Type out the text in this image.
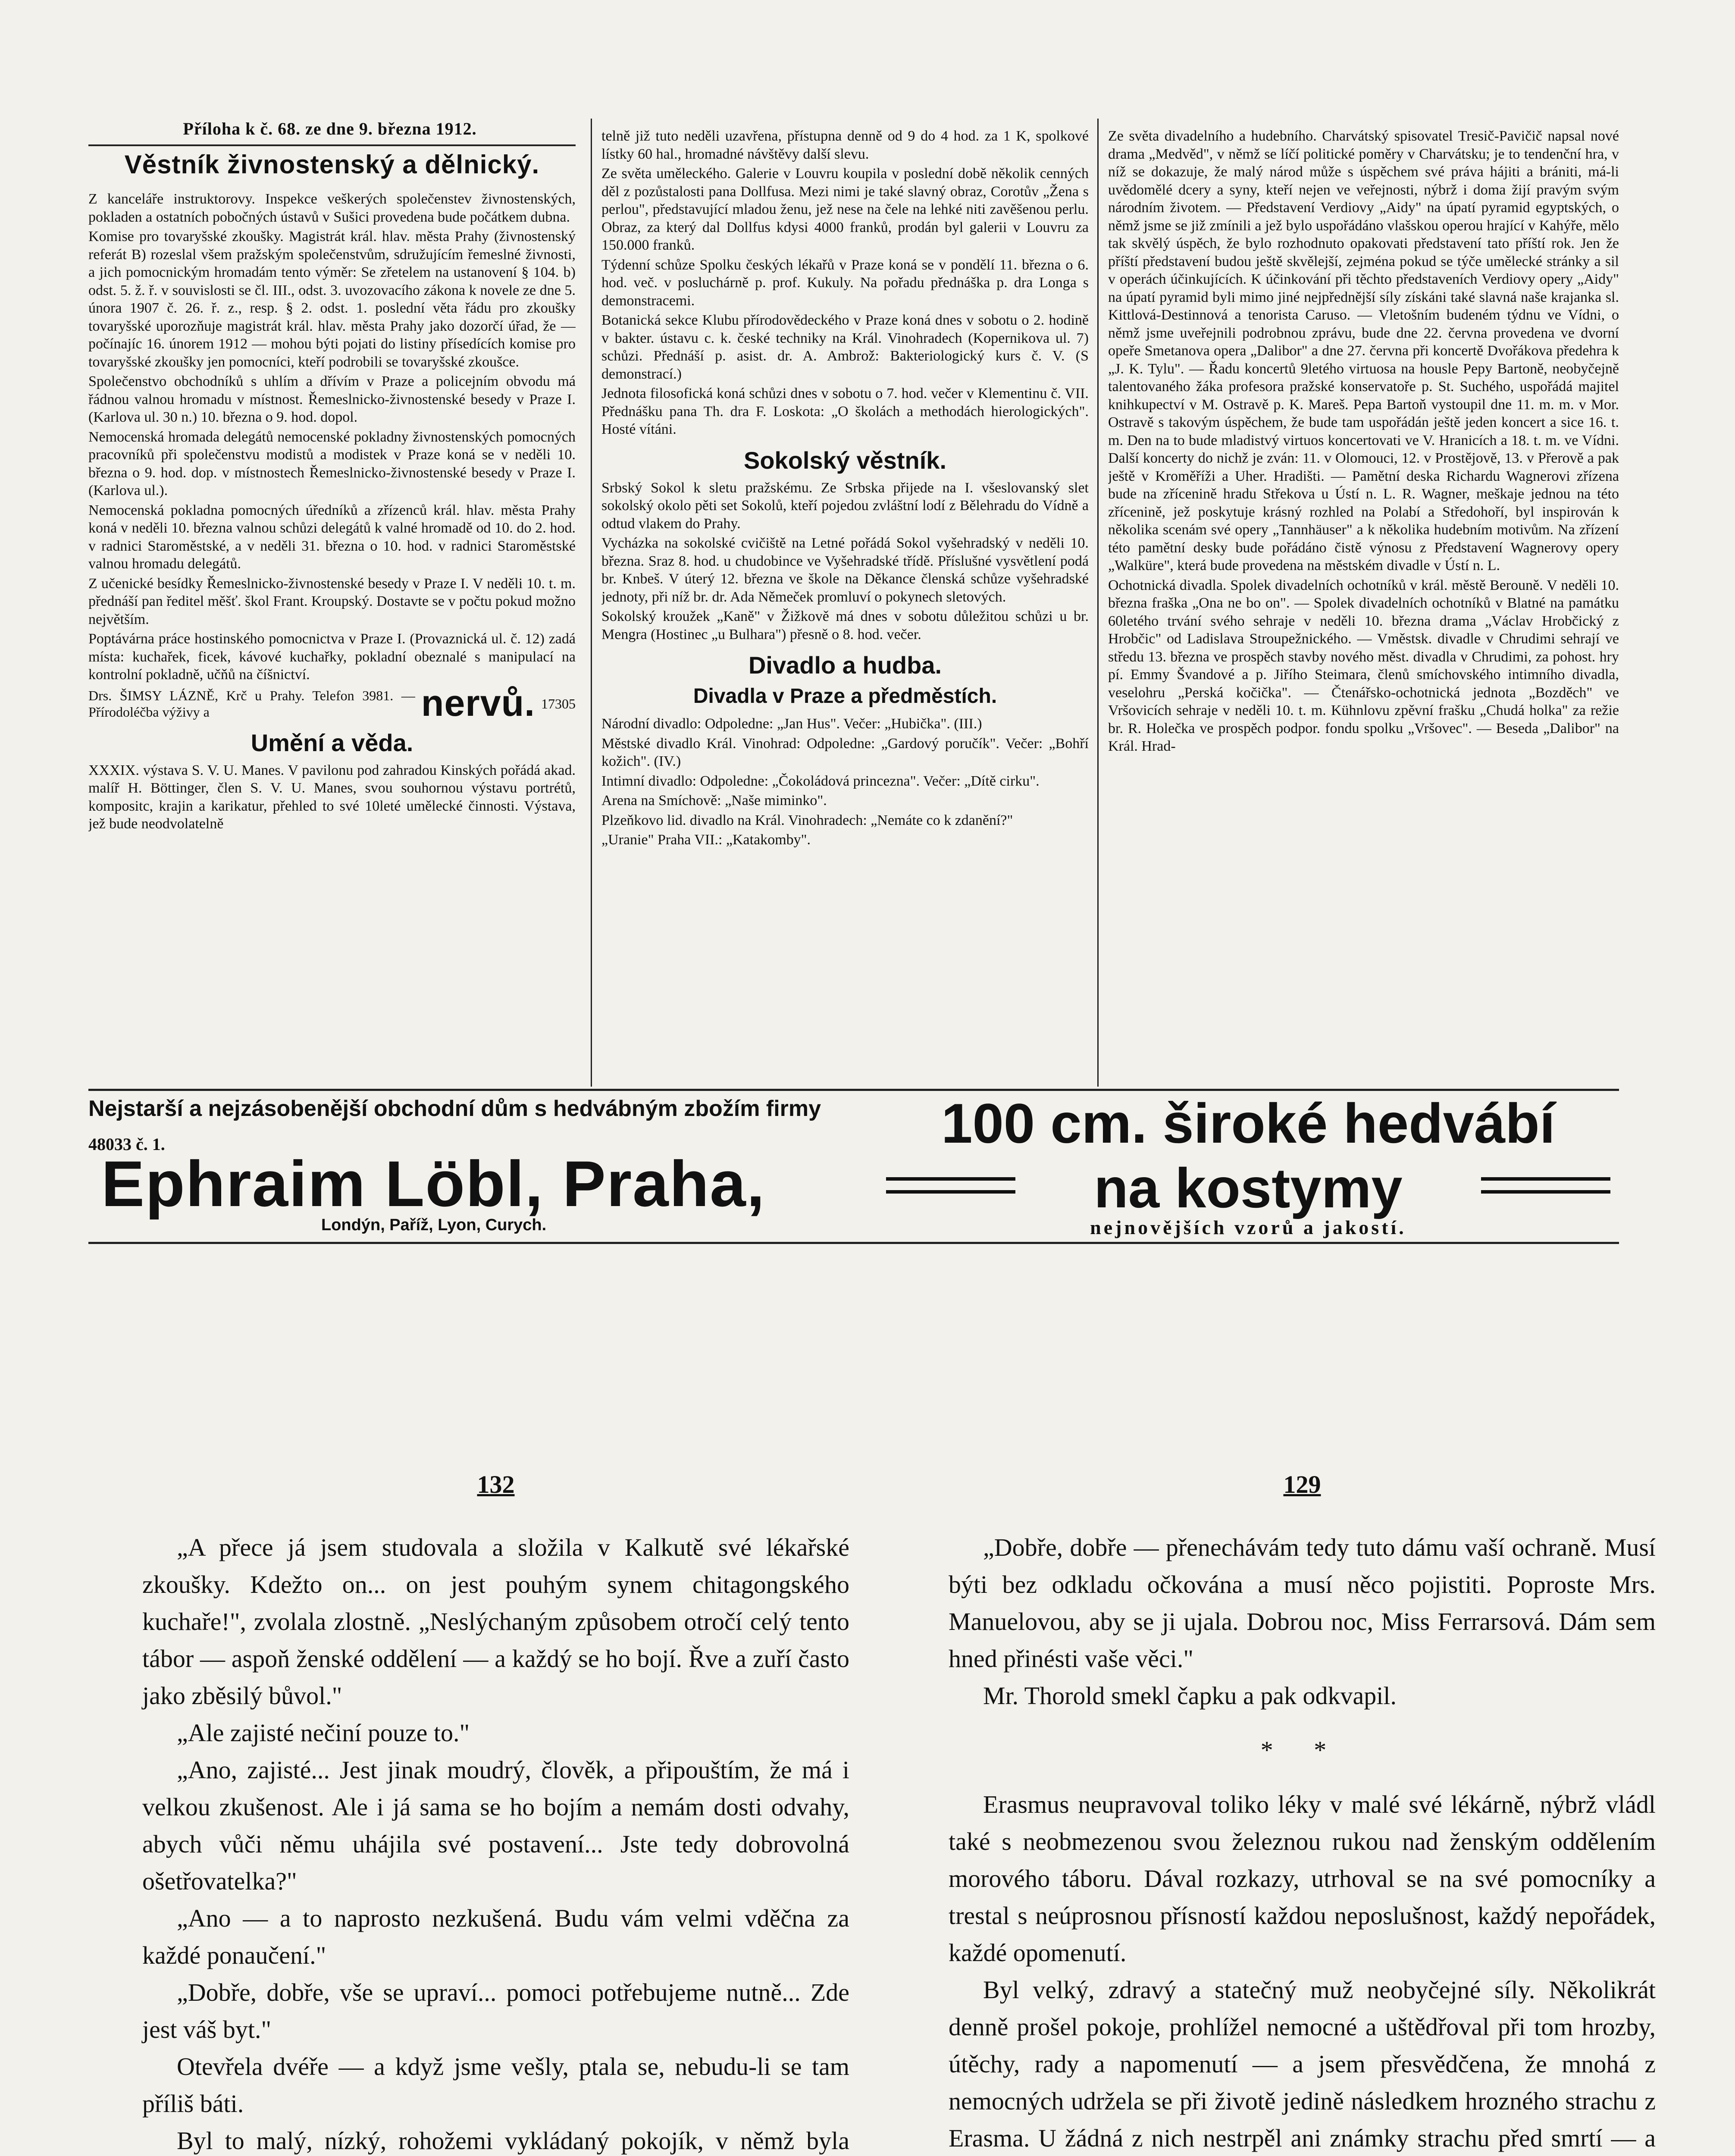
Příloha k č. 68. ze dne 9. března 1912.
Věstník živnostenský a dělnický.

Z kanceláře instruktorovy. Inspekce veškerých společenstev živnostenských, pokladen a ostatních pobočných ústavů v Sušici provedena bude počátkem dubna.

Komise pro tovaryšské zkoušky. Magistrát král. hlav. města Prahy (živnostenský referát B) rozeslal všem pražským společenstvům, sdružujícím řemeslné živnosti, a jich pomocnickým hromadám tento výměr: Se zřetelem na ustanovení § 104. b) odst. 5. ž. ř. v souvislosti se čl. III., odst. 3. uvozovacího zákona k novele ze dne 5. února 1907 č. 26. ř. z., resp. § 2. odst. 1. poslední věta řádu pro zkoušky tovaryšské uporozňuje magistrát král. hlav. města Prahy jako dozorčí úřad, že — počínajíc 16. únorem 1912 — mohou býti pojati do listiny přísedících komise pro tovaryšské zkoušky jen pomocníci, kteří podrobili se tovaryšské zkoušce.

Společenstvo obchodníků s uhlím a dřívím v Praze a policejním obvodu má řádnou valnou hromadu v místnost. Řemeslnicko-živnostenské besedy v Praze I. (Karlova ul. 30 n.) 10. března o 9. hod. dopol.

Nemocenská hromada delegátů nemocenské pokladny živnostenských pomocných pracovníků při společenstvu modistů a modistek v Praze koná se v neděli 10. března o 9. hod. dop. v místnostech Řemeslnicko-živnostenské besedy v Praze I. (Karlova ul.).

Nemocenská pokladna pomocných úředníků a zřízenců král. hlav. města Prahy koná v neděli 10. března valnou schůzi delegátů k valné hromadě od 10. do 2. hod. v radnici Staroměstské, a v neděli 31. března o 10. hod. v radnici Staroměstské valnou hromadu delegátů.

Z učenické besídky Řemeslnicko-živnostenské besedy v Praze I. V neděli 10. t. m. přednáší pan ředitel měšť. škol Frant. Kroupský. Dostavte se v počtu pokud možno největším.

Poptávárna práce hostinského pomocnictva v Praze I. (Provaznická ul. č. 12) zadá místa: kuchařek, ficek, kávové kuchařky, pokladní obeznalé s manipulací na kontrolní pokladně, učňů na číšnictví.

Drs. ŠIMSY LÁZNĚ, Krč u Prahy. Telefon 3981. — Přírodoléčba výživy a	nervů. 17305
Umění a věda.

XXXIX. výstava S. V. U. Manes. V pavilonu pod zahradou Kinských pořádá akad. malíř H. Böttinger, člen S. V. U. Manes, svou souhornou výstavu portrétů, kompositc, krajin a karikatur, přehled to své 10leté umělecké činnosti. Výstava, jež bude neodvolatelně

telně již tuto neděli uzavřena, přístupna denně od 9 do 4 hod. za 1 K, spolkové lístky 60 hal., hromadné návštěvy další slevu.

Ze světa uměleckého. Galerie v Louvru koupila v poslední době několik cenných děl z pozůstalosti pana Dollfusa. Mezi nimi je také slavný obraz, Corotův „Žena s perlou", představující mladou ženu, jež nese na čele na lehké niti zavěšenou perlu. Obraz, za který dal Dollfus kdysi 4000 franků, prodán byl galerii v Louvru za 150.000 franků.

Týdenní schůze Spolku českých lékařů v Praze koná se v pondělí 11. března o 6. hod. več. v posluchárně p. prof. Kukuly. Na pořadu přednáška p. dra Longa s demonstracemi.

Botanická sekce Klubu přírodovědeckého v Praze koná dnes v sobotu o 2. hodině v bakter. ústavu c. k. české techniky na Král. Vinohradech (Kopernikova ul. 7) schůzi. Přednáší p. asist. dr. A. Ambrož: Bakteriologický kurs č. V. (S demonstrací.)

Jednota filosofická koná schůzi dnes v sobotu o 7. hod. večer v Klementinu č. VII. Přednášku pana Th. dra F. Loskota: „O školách a methodách hierologických". Hosté vítáni.

Sokolský věstník.

Srbský Sokol k sletu pražskému. Ze Srbska přijede na I. všeslovanský slet sokolský okolo pěti set Sokolů, kteří pojedou zvláštní lodí z Bělehradu do Vídně a odtud vlakem do Prahy.

Vycházka na sokolské cvičiště na Letné pořádá Sokol vyšehradský v neděli 10. března. Sraz 8. hod. u chudobince ve Vyšehradské třídě. Příslušné vysvětlení podá br. Knbeš. V úterý 12. března ve škole na Děkance členská schůze vyšehradské jednoty, při níž br. dr. Ada Němeček promluví o pokynech sletových.

Sokolský kroužek „Kaně" v Žižkově má dnes v sobotu důležitou schůzi u br. Mengra (Hostinec „u Bulhara") přesně o 8. hod. večer.

Divadlo a hudba.
Divadla v Praze a předměstích.

Národní divadlo: Odpoledne: „Jan Hus". Večer: „Hubička". (III.)

Městské divadlo Král. Vinohrad: Odpoledne: „Gardový poručík". Večer: „Bohří kožich". (IV.)

Intimní divadlo: Odpoledne: „Čokoládová princezna". Večer: „Dítě cirku".

Arena na Smíchově: „Naše miminko".

Plzeňkovo lid. divadlo na Král. Vinohradech: „Nemáte co k zdanění?"

„Uranie" Praha VII.: „Katakomby".

Ze světa divadelního a hudebního. Charvátský spisovatel Tresič-Pavičič napsal nové drama „Medvěd", v němž se líčí politické poměry v Charvátsku; je to tendenční hra, v níž se dokazuje, že malý národ může s úspěchem své práva hájiti a brániti, má-li uvědomělé dcery a syny, kteří nejen ve veřejnosti, nýbrž i doma žijí pravým svým národním životem. — Představení Verdiovy „Aidy" na úpatí pyramid egyptských, o němž jsme se již zmínili a jež bylo uspořádáno vlašskou operou hrající v Kahýře, mělo tak skvělý úspěch, že bylo rozhodnuto opakovati představení tato příští rok. Jen že příští představení budou ještě skvělejší, zejména pokud se týče umělecké stránky a sil v operách účinkujících. K účinkování při těchto představeních Verdiovy opery „Aidy" na úpatí pyramid byli mimo jiné nejpřednější síly získáni také slavná naše krajanka sl. Kittlová-Destinnová a tenorista Caruso. — Vletošním budeném týdnu ve Vídni, o němž jsme uveřejnili podrobnou zprávu, bude dne 22. června provedena ve dvorní opeře Smetanova opera „Dalibor" a dne 27. června při koncertě Dvořákova předehra k „J. K. Tylu". — Řadu koncertů 9letého virtuosa na housle Pepy Bartoně, neobyčejně talentovaného žáka profesora pražské konservatoře p. St. Suchého, uspořádá majitel knihkupectví v M. Ostravě p. K. Mareš. Pepa Bartoň vystoupil dne 11. m. m. v Mor. Ostravě s takovým úspěchem, že bude tam uspořádán ještě jeden koncert a sice 16. t. m. Den na to bude mladistvý virtuos koncertovati ve V. Hranicích a 18. t. m. ve Vídni. Další koncerty do nichž je zván: 11. v Olomouci, 12. v Prostějově, 13. v Přerově a pak ještě v Kroměříži a Uher. Hradišti. — Pamětní deska Richardu Wagnerovi zřízena bude na zřícenině hradu Střekova u Ústí n. L. R. Wagner, meškaje jednou na této zřícenině, jež poskytuje krásný rozhled na Polabí a Středohoří, byl inspirován k několika scenám své opery „Tannhäuser" a k několika hudebním motivům. Na zřízení této pamětní desky bude pořádáno čistě výnosu z Představení Wagnerovy opery „Walküre", která bude provedena na městském divadle v Ústí n. L.

Ochotnická divadla. Spolek divadelních ochotníků v král. městě Berouně. V neděli 10. března fraška „Ona ne bo on". — Spolek divadelních ochotníků v Blatné na památku 60letého trvání svého sehraje v neděli 10. března drama „Václav Hrobčický z Hrobčic" od Ladislava Stroupežnického. — Vměstsk. divadle v Chrudimi sehrají ve středu 13. března ve prospěch stavby nového měst. divadla v Chrudimi, za pohost. hry pí. Emmy Švandové a p. Jiřího Steimara, členů smíchovského intimního divadla, veselohru „Perská kočička". — Čtenářsko-ochotnická jednota „Bozděch" ve Vršovicích sehraje v neděli 10. t. m. Kühnlovu zpěvní frašku „Chudá holka" za režie br. R. Holečka ve prospěch podpor. fondu spolku „Vršovec". — Beseda „Dalibor" na Král. Hrad-

Nejstarší a nejzásobenější obchodní dům s hedvábným zbožím firmy
48033 č. 1.
Ephraim Löbl, Praha,
Londýn, Paříž, Lyon, Curych.
100 cm. široké hedvábí
na kostymy
nejnovějších vzorů a jakostí.

132

„A přece já jsem studovala a složila v Kalkutě své lékařské zkoušky. Kdežto on... on jest pouhým synem chitagongského kuchaře!", zvolala zlostně. „Neslýchaným způsobem otročí celý tento tábor — aspoň ženské oddělení — a každý se ho bojí. Řve a zuří často jako zběsilý bůvol."

„Ale zajisté nečiní pouze to."

„Ano, zajisté... Jest jinak moudrý, člověk, a připouštím, že má i velkou zkušenost. Ale i já sama se ho bojím a nemám dosti odvahy, abych vůči němu uhájila své postavení... Jste tedy dobrovolná ošetřovatelka?"

„Ano — a to naprosto nezkušená. Budu vám velmi vděčna za každé ponaučení."

„Dobře, dobře, vše se upraví... pomoci potřebujeme nutně... Zde jest váš byt."

Otevřela dvéře — a když jsme vešly, ptala se, nebudu-li se tam příliš báti.

Byl to malý, nízký, rohožemi vykládaný pokojík, v němž byla

129

„Dobře, dobře — přenechávám tedy tuto dámu vaší ochraně. Musí býti bez odkladu očkována a musí něco pojistiti. Poproste Mrs. Manuelovou, aby se ji ujala. Dobrou noc, Miss Ferrarsová. Dám sem hned přinésti vaše věci."

Mr. Thorold smekl čapku a pak odkvapil.

* *

Erasmus neupravoval toliko léky v malé své lékárně, nýbrž vládl také s neobmezenou svou železnou rukou nad ženským oddělením morového táboru. Dával rozkazy, utrhoval se na své pomocníky a trestal s neúprosnou přísností každou neposlušnost, každý nepořádek, každé opomenutí.

Byl velký, zdravý a statečný muž neobyčejné síly. Několikrát denně prošel pokoje, prohlížel nemocné a uštědřoval při tom hrozby, útěchy, rady a napomenutí — a jsem přesvědčena, že mnohá z nemocných udržela se při životě jedině následkem hrozného strachu z Erasma. U žádná z nich nestrpěl ani známky strachu před smrtí — a
